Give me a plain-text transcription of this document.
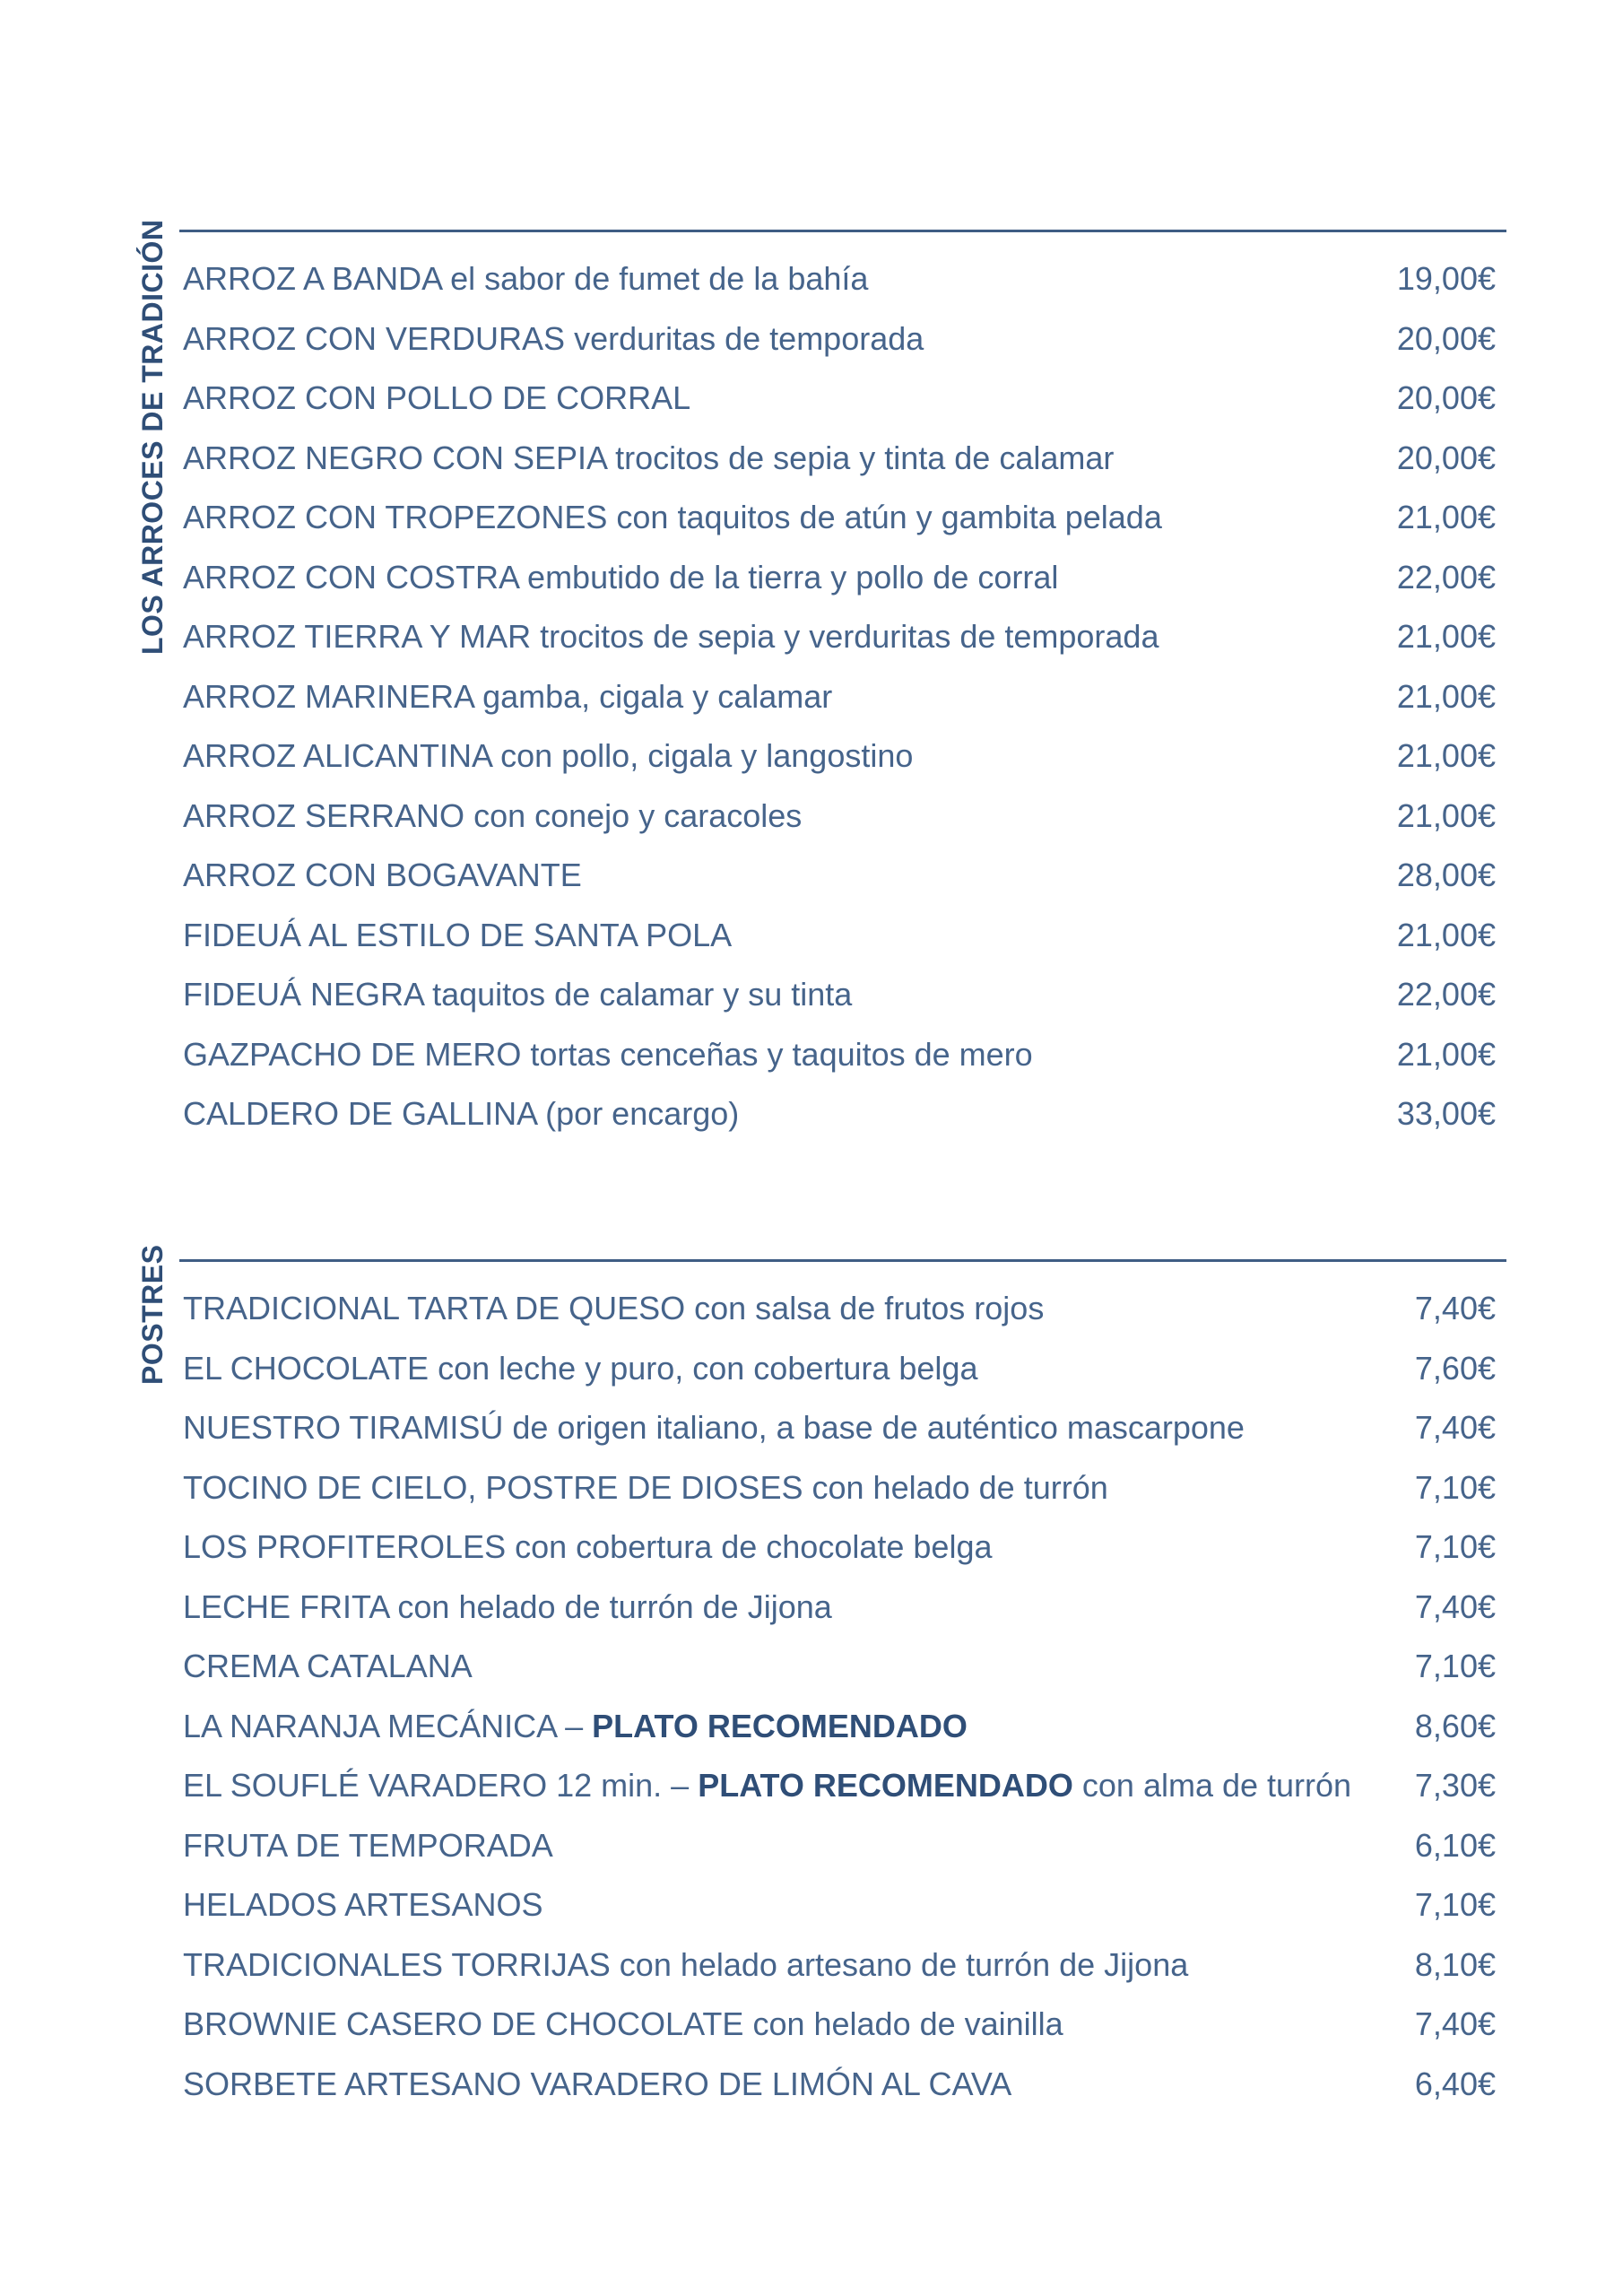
LOS ARROCES DE TRADICIÓN ARROZ A BANDA el sabor de fumet de la bahía	19,00€
ARROZ CON VERDURAS verduritas de temporada	20,00€
ARROZ CON POLLO DE CORRAL	20,00€
ARROZ NEGRO CON SEPIA trocitos de sepia y tinta de calamar	20,00€
ARROZ CON TROPEZONES con taquitos de atún y gambita pelada	21,00€
ARROZ CON COSTRA embutido de la tierra y pollo de corral	22,00€
ARROZ TIERRA Y MAR trocitos de sepia y verduritas de temporada	21,00€
ARROZ MARINERA gamba, cigala y calamar	21,00€
ARROZ ALICANTINA con pollo, cigala y langostino	21,00€
ARROZ SERRANO con conejo y caracoles	21,00€
ARROZ CON BOGAVANTE	28,00€
FIDEUÁ AL ESTILO DE SANTA POLA	21,00€
FIDEUÁ NEGRA taquitos de calamar y su tinta	22,00€
GAZPACHO DE MERO tortas cenceñas y taquitos de mero	21,00€
CALDERO DE GALLINA (por encargo)	33,00€
POSTRES TRADICIONAL TARTA DE QUESO con salsa de frutos rojos	7,40€
EL CHOCOLATE con leche y puro, con cobertura belga	7,60€
NUESTRO TIRAMISÚ de origen italiano, a base de auténtico mascarpone	7,40€
TOCINO DE CIELO, POSTRE DE DIOSES con helado de turrón	7,10€
LOS PROFITEROLES con cobertura de chocolate belga	7,10€
LECHE FRITA con helado de turrón de Jijona	7,40€
CREMA CATALANA	7,10€
LA NARANJA MECÁNICA – PLATO RECOMENDADO	8,60€
EL SOUFLÉ VARADERO 12 min. – PLATO RECOMENDADO con alma de turrón 7,30€
FRUTA DE TEMPORADA	6,10€
HELADOS ARTESANOS	7,10€
TRADICIONALES TORRIJAS con helado artesano de turrón de Jijona	8,10€
BROWNIE CASERO DE CHOCOLATE con helado de vainilla	7,40€
SORBETE ARTESANO VARADERO DE LIMÓN AL CAVA	6,40€
